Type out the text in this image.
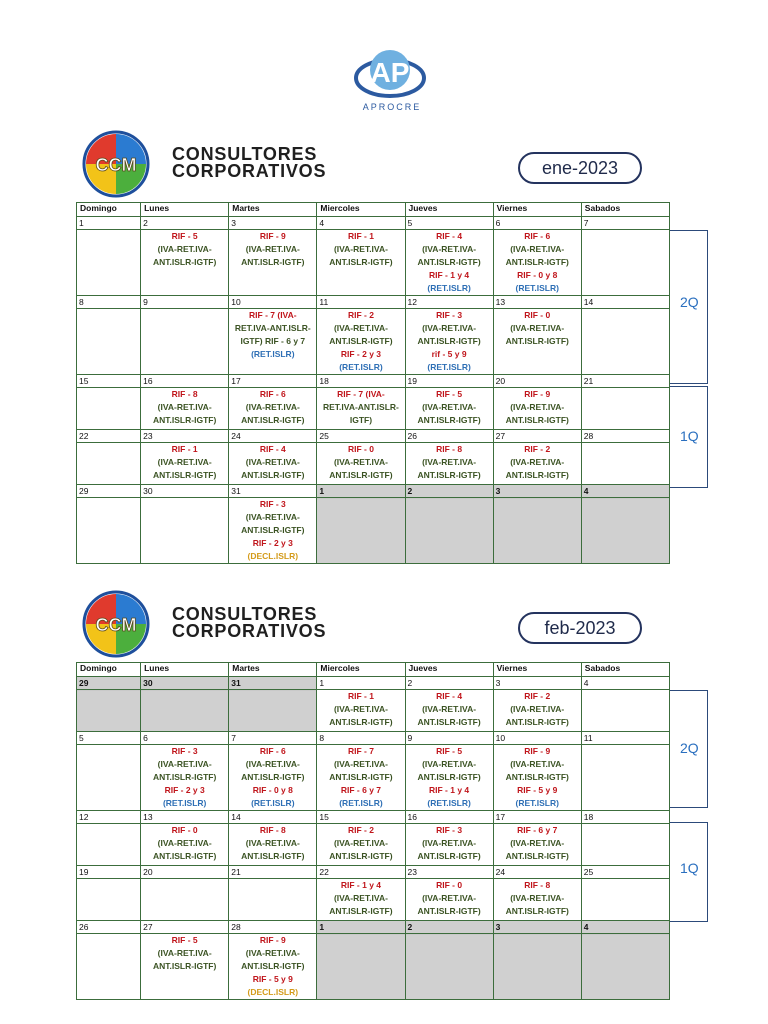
AP
APROCRE
CCM
CONSULTORES
CORPORATIVOS	ene-2023
Domingo	Lunes	Martes	Miercoles	Jueves	Viernes	Sabados
1	2	3	4	5	6	7

	RIF - 5
(IVA-RET.IVA-
ANT.ISLR-IGTF)	RIF - 9
(IVA-RET.IVA-
ANT.ISLR-IGTF)	RIF - 1
(IVA-RET.IVA-
ANT.ISLR-IGTF)	RIF - 4
(IVA-RET.IVA-
ANT.ISLR-IGTF)
RIF - 1 y 4
(RET.ISLR)	RIF - 6
(IVA-RET.IVA-
ANT.ISLR-IGTF)
RIF - 0 y 8
(RET.ISLR)	

8	9	10	11	12	13	14

		RIF - 7 (IVA-
RET.IVA-ANT.ISLR-
IGTF) RIF - 6 y 7
(RET.ISLR)	RIF - 2
(IVA-RET.IVA-
ANT.ISLR-IGTF)
RIF - 2 y 3
(RET.ISLR)	RIF - 3
(IVA-RET.IVA-
ANT.ISLR-IGTF)
rif - 5 y 9
(RET.ISLR)	RIF - 0
(IVA-RET.IVA-
ANT.ISLR-IGTF)	

15	16	17	18	19	20	21

	RIF - 8
(IVA-RET.IVA-
ANT.ISLR-IGTF)	RIF - 6
(IVA-RET.IVA-
ANT.ISLR-IGTF)	RIF - 7 (IVA-
RET.IVA-ANT.ISLR-
IGTF)	RIF - 5
(IVA-RET.IVA-
ANT.ISLR-IGTF)	RIF - 9
(IVA-RET.IVA-
ANT.ISLR-IGTF)	

22	23	24	25	26	27	28

	RIF - 1
(IVA-RET.IVA-
ANT.ISLR-IGTF)	RIF - 4
(IVA-RET.IVA-
ANT.ISLR-IGTF)	RIF - 0
(IVA-RET.IVA-
ANT.ISLR-IGTF)	RIF - 8
(IVA-RET.IVA-
ANT.ISLR-IGTF)	RIF - 2
(IVA-RET.IVA-
ANT.ISLR-IGTF)	

29	30	31	1	2	3	4

		RIF - 3
(IVA-RET.IVA-
ANT.ISLR-IGTF)
RIF - 2 y 3
(DECL.ISLR)				

2Q
1Q
CCM
CONSULTORES
CORPORATIVOS	feb-2023
Domingo	Lunes	Martes	Miercoles	Jueves	Viernes	Sabados
29	30	31	1	2	3	4

			RIF - 1
(IVA-RET.IVA-
ANT.ISLR-IGTF)	RIF - 4
(IVA-RET.IVA-
ANT.ISLR-IGTF)	RIF - 2
(IVA-RET.IVA-
ANT.ISLR-IGTF)	

5	6	7	8	9	10	11

	RIF - 3
(IVA-RET.IVA-
ANT.ISLR-IGTF)
RIF - 2 y 3
(RET.ISLR)	RIF - 6
(IVA-RET.IVA-
ANT.ISLR-IGTF)
RIF - 0 y 8
(RET.ISLR)	RIF - 7
(IVA-RET.IVA-
ANT.ISLR-IGTF)
RIF - 6 y 7
(RET.ISLR)	RIF - 5
(IVA-RET.IVA-
ANT.ISLR-IGTF)
RIF - 1 y 4
(RET.ISLR)	RIF - 9
(IVA-RET.IVA-
ANT.ISLR-IGTF)
RIF - 5 y 9
(RET.ISLR)	

12	13	14	15	16	17	18

	RIF - 0
(IVA-RET.IVA-
ANT.ISLR-IGTF)	RIF - 8
(IVA-RET.IVA-
ANT.ISLR-IGTF)	RIF - 2
(IVA-RET.IVA-
ANT.ISLR-IGTF)	RIF - 3
(IVA-RET.IVA-
ANT.ISLR-IGTF)	RIF - 6 y 7
(IVA-RET.IVA-
ANT.ISLR-IGTF)	

19	20	21	22	23	24	25

			RIF - 1 y 4
(IVA-RET.IVA-
ANT.ISLR-IGTF)	RIF - 0
(IVA-RET.IVA-
ANT.ISLR-IGTF)	RIF - 8
(IVA-RET.IVA-
ANT.ISLR-IGTF)	

26	27	28	1	2	3	4

	RIF - 5
(IVA-RET.IVA-
ANT.ISLR-IGTF)	RIF - 9
(IVA-RET.IVA-
ANT.ISLR-IGTF)
RIF - 5 y 9
(DECL.ISLR)				

2Q
1Q
